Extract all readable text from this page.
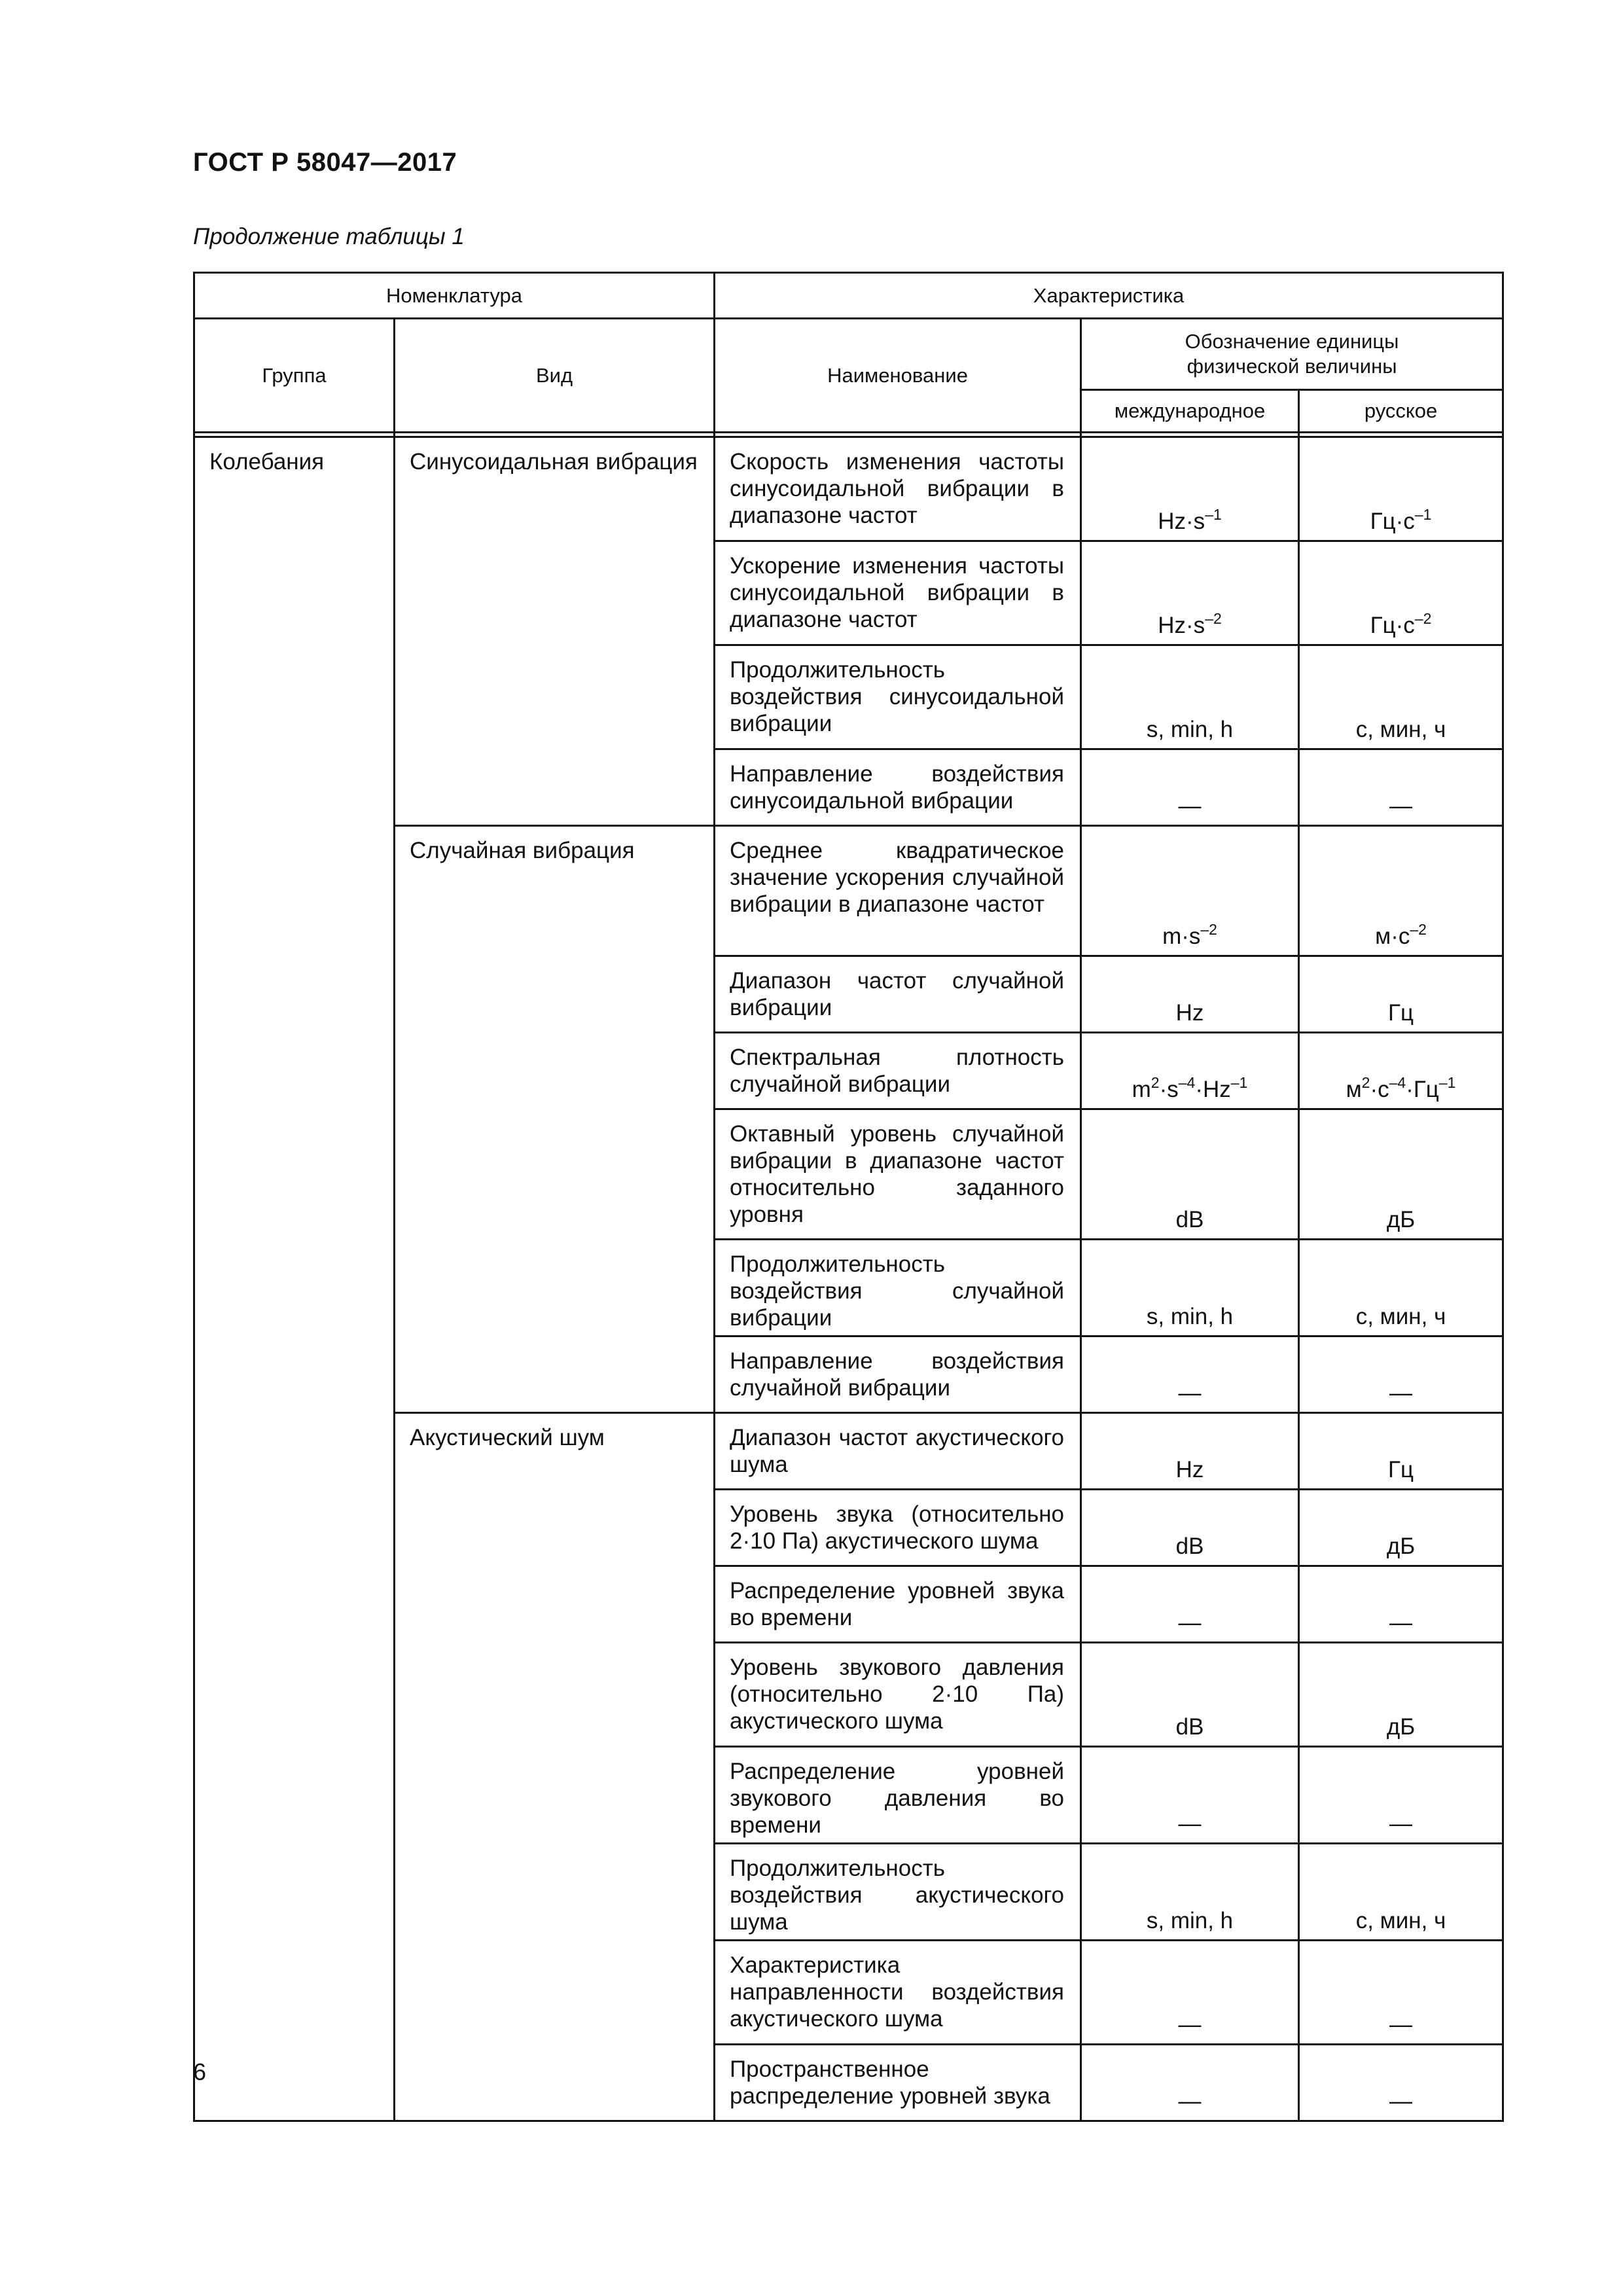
ГОСТ Р 58047—2017
Продолжение таблицы 1
Номенклатура		Характеристика		
Группа	Вид	Наименование	Обозначение единицы физической величины	

			международное	русское

Колебания	Синусоидальная вибрация	Скорость изменения частоты синусоидальной вибрации в диапазоне частот	$Hz\cdot s^{-1}$	$Гц\cdot с^{-1}$

		Ускорение изменения частоты синусоидальной вибрации в диапазоне частот	$Hz\cdot s^{-2}$	$Гц\cdot с^{-2}$

		Продолжительность воздействия синусоидальной вибрации	s, min, h	с, мин, ч

		Направление воздействия синусоидальной вибрации	—	—

	Случайная вибрация	Среднее квадратическое значение ускорения случайной вибрации в диапазоне частот	$m\cdot s^{-2}$	$м\cdot с^{-2}$

		Диапазон частот случайной вибрации	Hz	Гц

		Спектральная плотность случайной вибрации	$m^2\cdot s^{-4}\cdot Hz^{-1}$	$м^2\cdot с^{-4}\cdot Гц^{-1}$

		Октавный уровень случайной вибрации в диапазоне частот относительно заданного уровня	dB	дБ

		Продолжительность воздействия случайной вибрации	s, min, h	с, мин, ч

		Направление воздействия случайной вибрации	—	—

	Акустический шум	Диапазон частот акустического шума	Hz	Гц

		Уровень звука (относительно 2·10 Па) акустического шума	dB	дБ

		Распределение уровней звука во времени	—	—

		Уровень звукового давления (относительно 2·10 Па) акустического шума	dB	дБ

		Распределение уровней звукового давления во времени	—	—

		Продолжительность воздействия акустического шума	s, min, h	с, мин, ч

		Характеристика направленности воздействия акустического шума	—	—

		Пространственное распределение уровней звука	—	—
6
